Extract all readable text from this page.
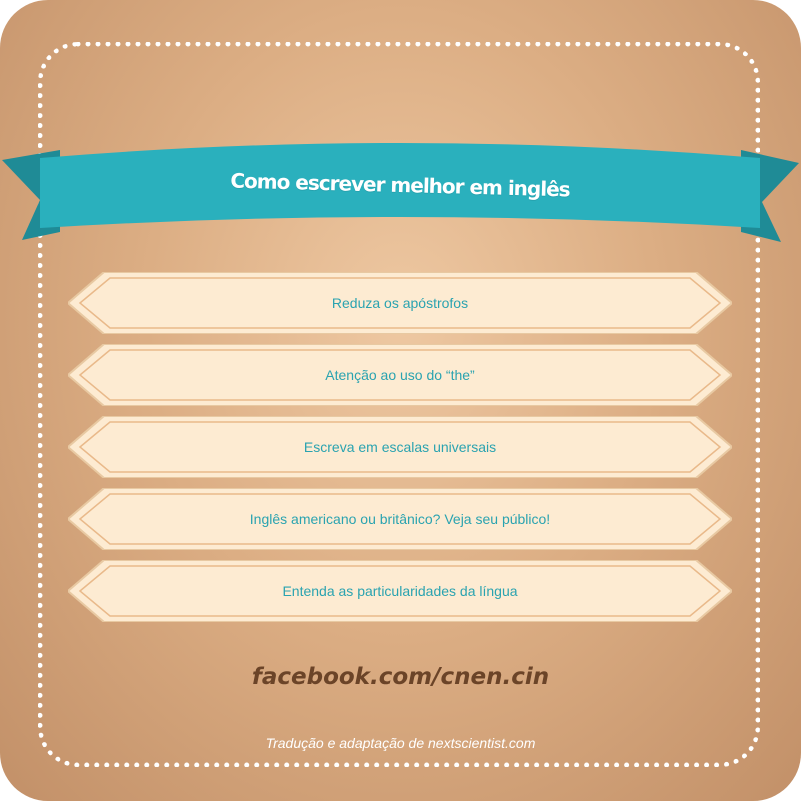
Como escrever melhor em inglês
Reduza os apóstrofos
Atenção ao uso do “the”
Escreva em escalas universais
Inglês americano ou britânico? Veja seu público!
Entenda as particularidades da língua
facebook.com/cnen.cin
Tradução e adaptação de nextscientist.com
